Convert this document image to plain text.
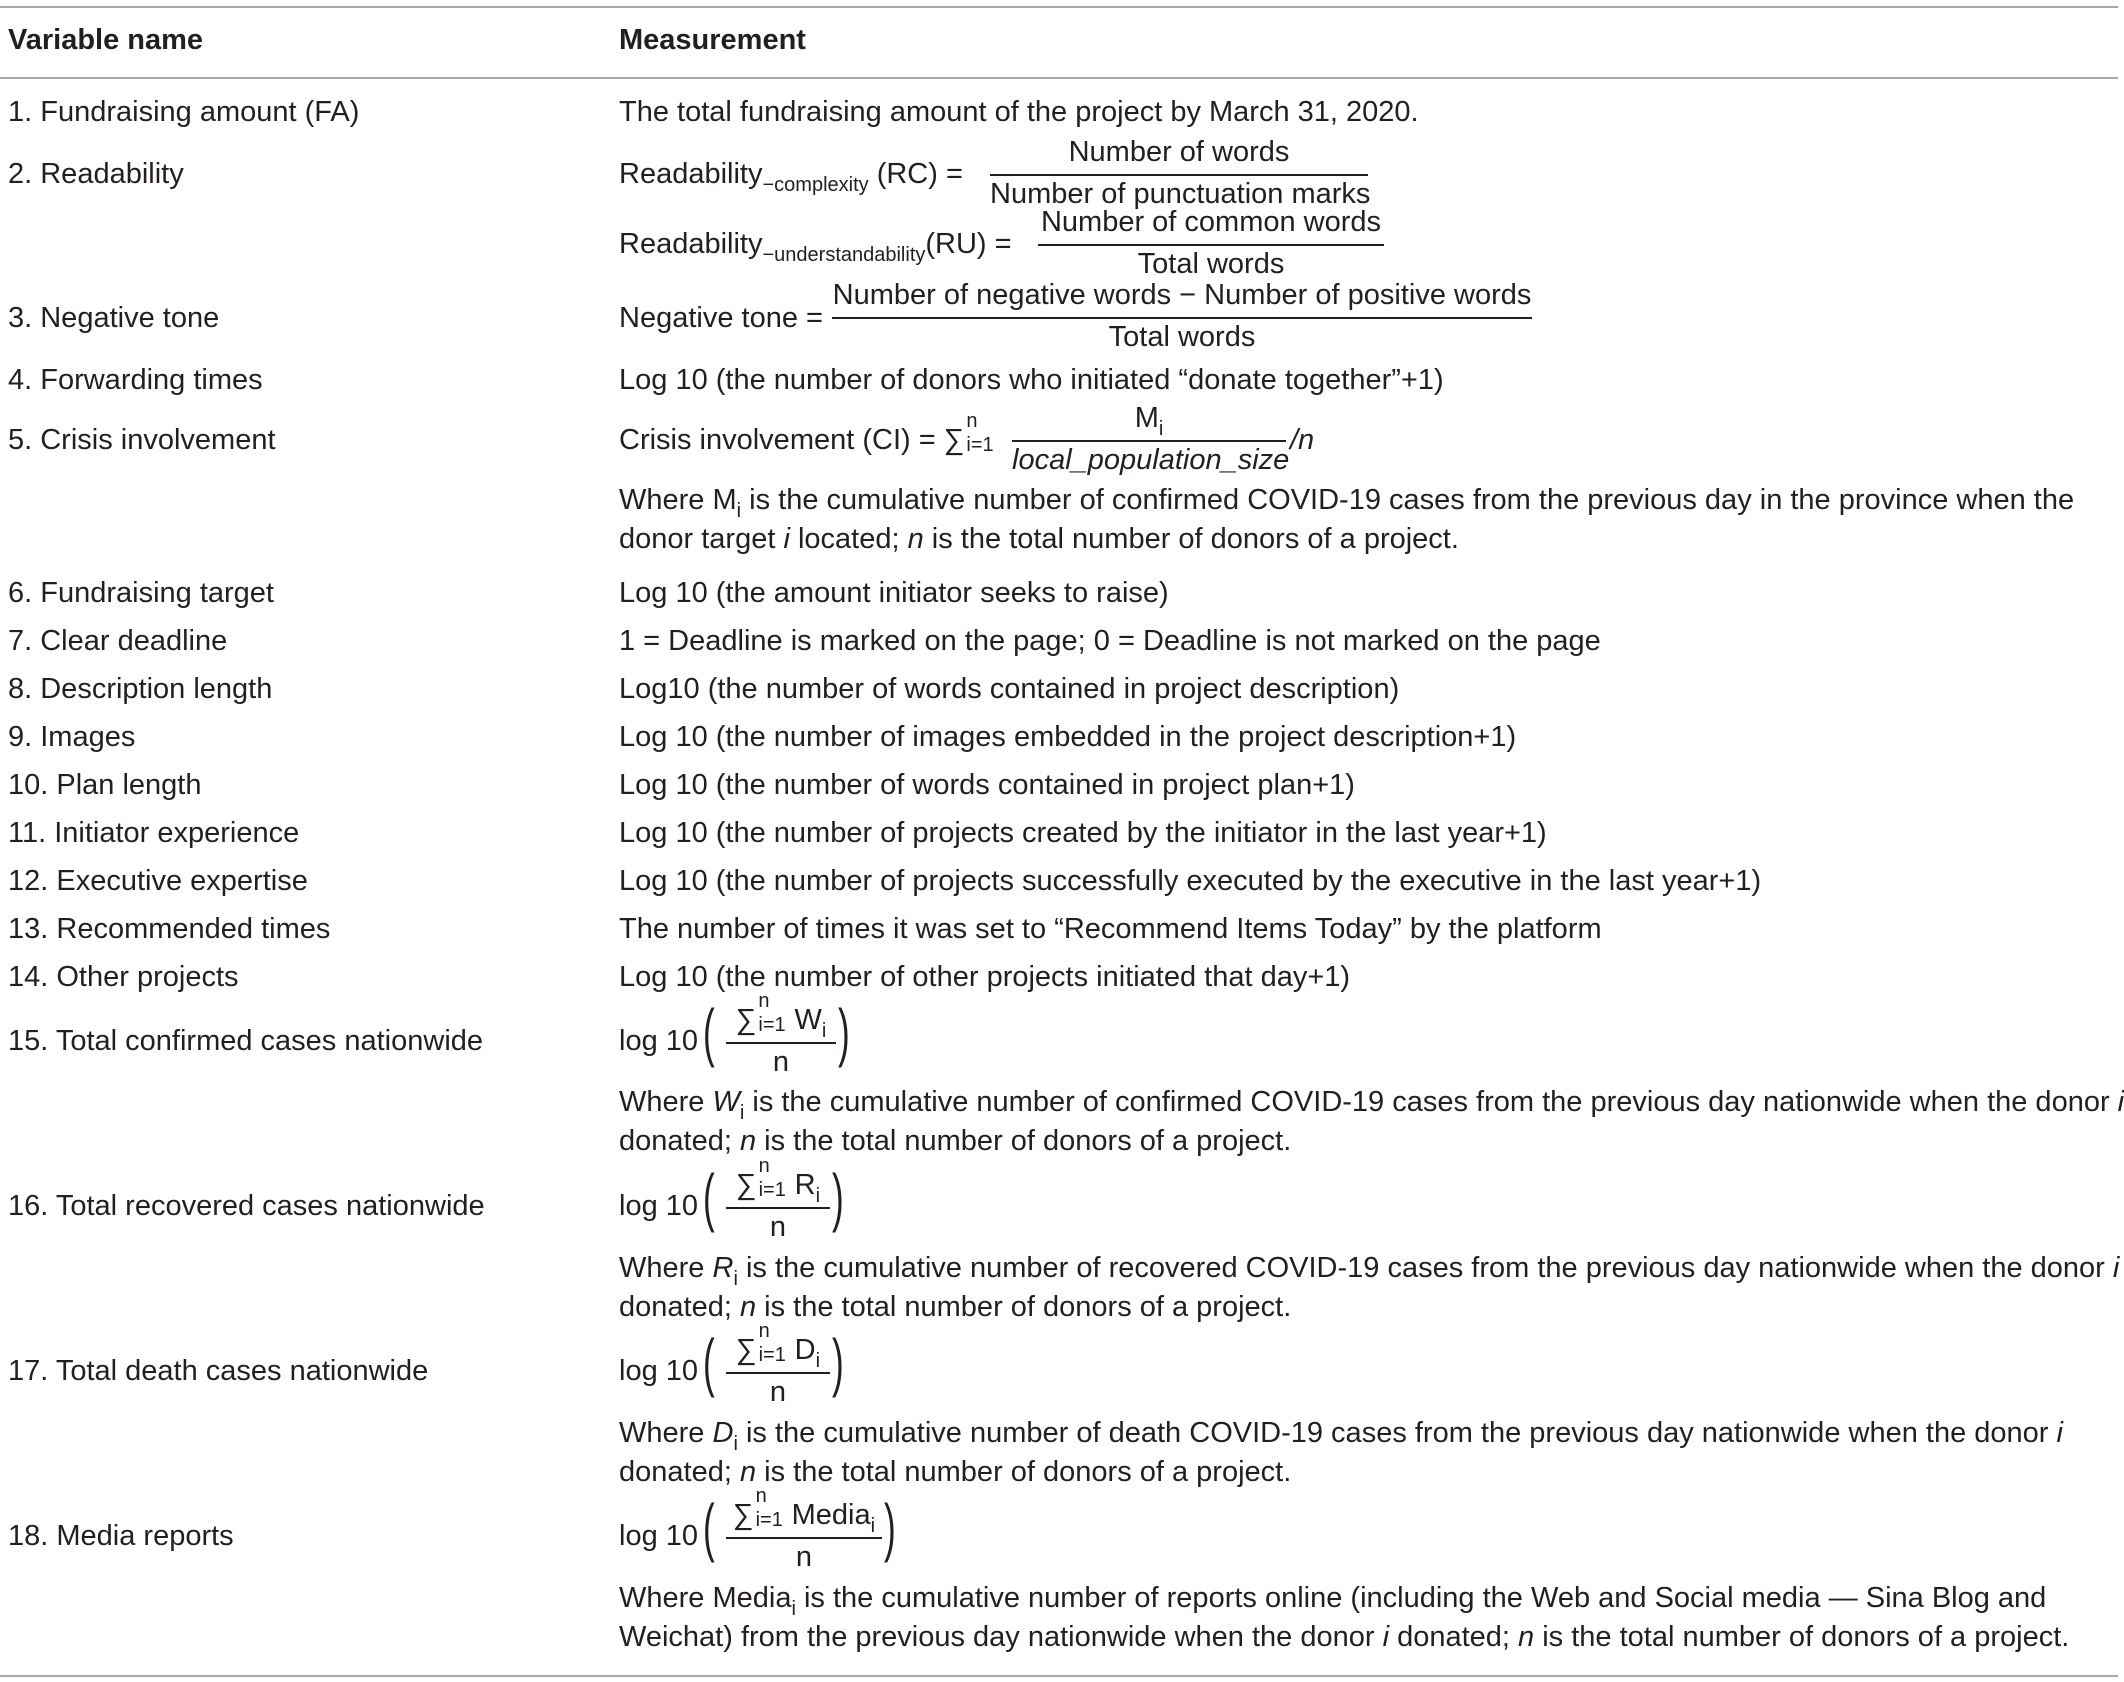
Variable name	Measurement
1. Fundraising amount (FA)	The total fundraising amount of the project by March 31, 2020.
2. Readability	Readability$_{-complexity}$ (RC) =
Number of words
Number of punctuation marks
Readability$_{-understandability}$(RU) =
Number of common words
Total words
3. Negative tone	Negative tone =
Number of negative words − Number of positive words
Total words
4. Forwarding times	Log 10 (the number of donors who initiated “donate together”+1)
5. Crisis involvement	Crisis involvement (CI) = ∑
n
i=1
$M_i$
local_population_size
/n
Where $M_i$ is the cumulative number of confirmed COVID-19 cases from the previous day in the province when the
donor target i located; n is the total number of donors of a project.
6. Fundraising target	Log 10 (the amount initiator seeks to raise)
7. Clear deadline	1 = Deadline is marked on the page; 0 = Deadline is not marked on the page
8. Description length	Log10 (the number of words contained in project description)
9. Images	Log 10 (the number of images embedded in the project description+1)
10. Plan length	Log 10 (the number of words contained in project plan+1)
11. Initiator experience	Log 10 (the number of projects created by the initiator in the last year+1)
12. Executive expertise	Log 10 (the number of projects successfully executed by the executive in the last year+1)
13. Recommended times	The number of times it was set to “Recommend Items Today” by the platform
14. Other projects	Log 10 (the number of other projects initiated that day+1)
15. Total confirmed cases nationwide	log 10 ( ∑
n
i=1 $W_i$
n )
Where $W_i$ is the cumulative number of confirmed COVID-19 cases from the previous day nationwide when the donor i
donated; n is the total number of donors of a project.
16. Total recovered cases nationwide	log 10 ( ∑
n
i=1 $R_i$
n )
Where $R_i$ is the cumulative number of recovered COVID-19 cases from the previous day nationwide when the donor i
donated; n is the total number of donors of a project.
17. Total death cases nationwide	log 10 ( ∑
n
i=1 $D_i$
n )
Where $D_i$ is the cumulative number of death COVID-19 cases from the previous day nationwide when the donor i
donated; n is the total number of donors of a project.
18. Media reports	log 10 ( ∑
n
i=1 Media$_i$
n	)
Where Media$_i$ is the cumulative number of reports online (including the Web and Social media — Sina Blog and
Weichat) from the previous day nationwide when the donor i donated; n is the total number of donors of a project.
